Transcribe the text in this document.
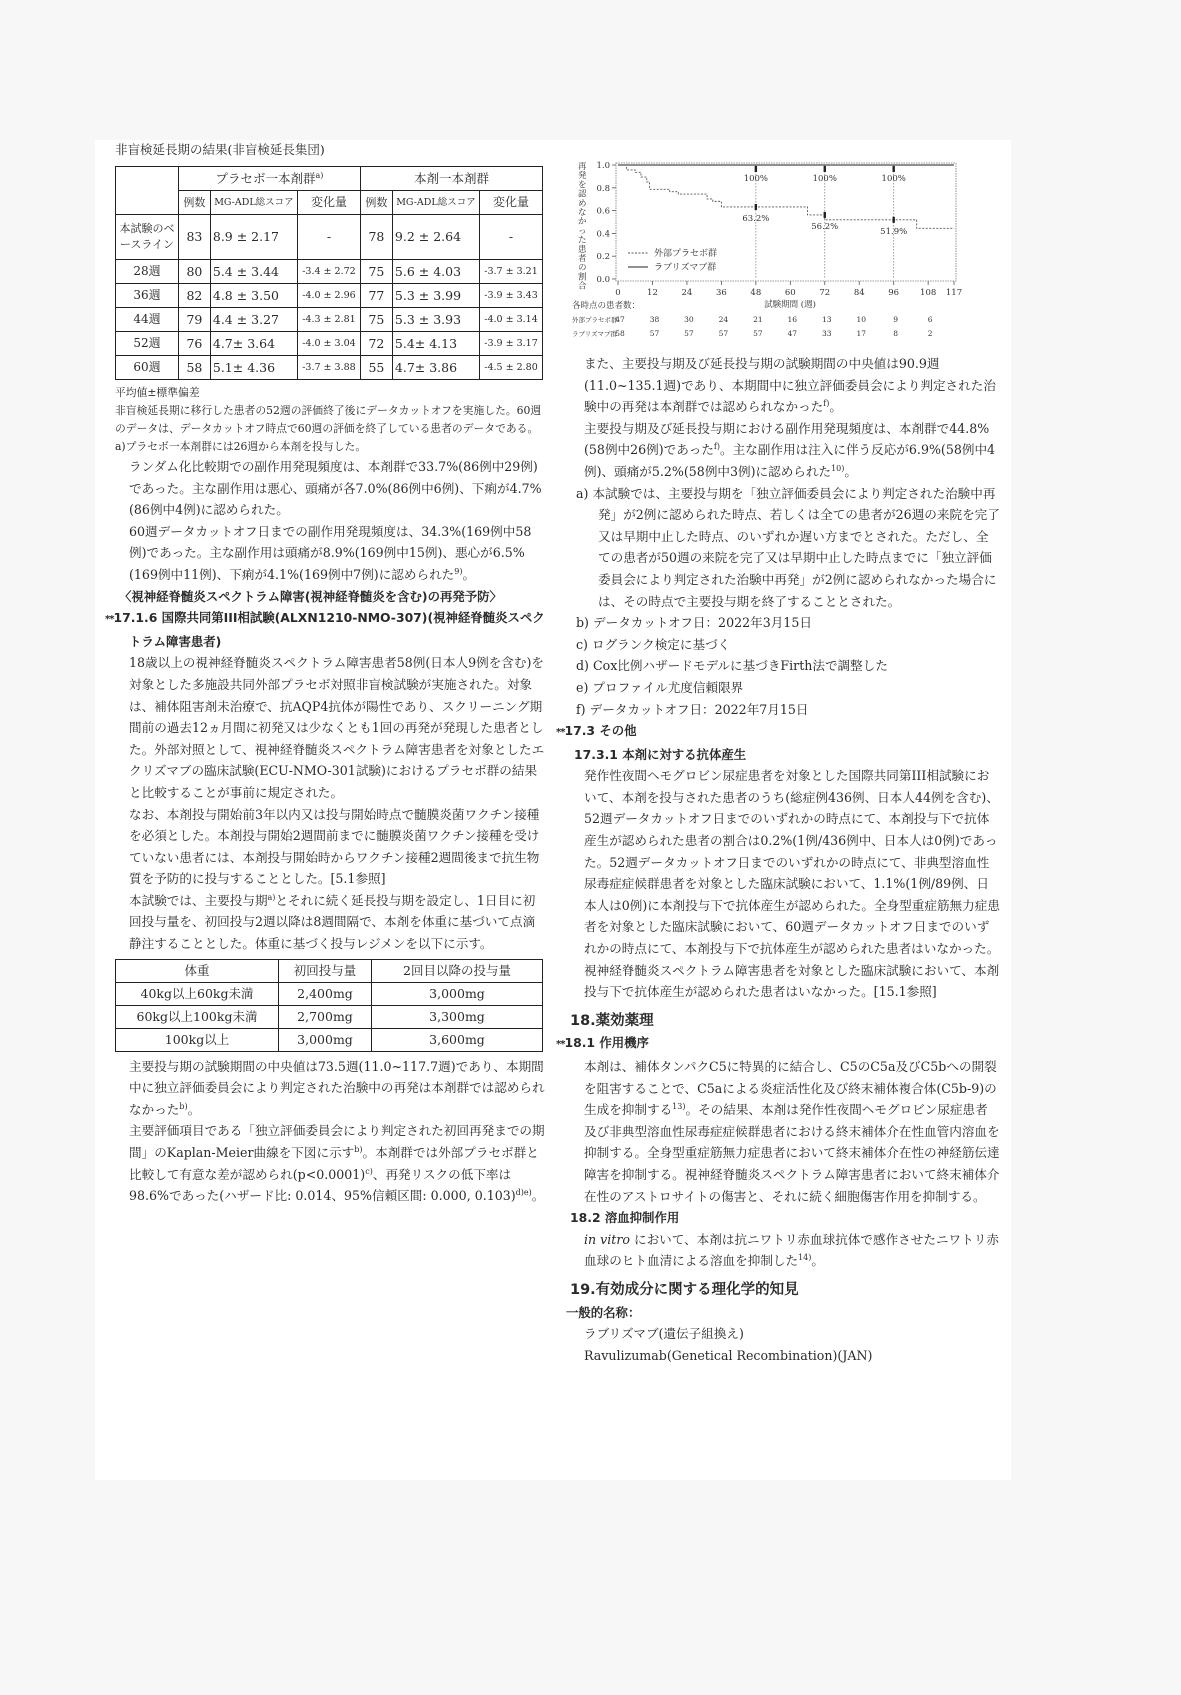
非盲検延長期の結果(非盲検延長集団)

	プラセボ一本剤群$^{a)}$			本剤一本剤群		
	例数	MG-ADL総スコア	変化量	例数	MG-ADL総スコア	変化量
本試験のベースライン	83	8.9 ± 2.17	-	78	9.2 ± 2.64	-
28週	80	5.4 ± 3.44	-3.4 ± 2.72	75	5.6 ± 4.03	-3.7 ± 3.21
36週	82	4.8 ± 3.50	-4.0 ± 2.96	77	5.3 ± 3.99	-3.9 ± 3.43
44週	79	4.4 ± 3.27	-4.3 ± 2.81	75	5.3 ± 3.93	-4.0 ± 3.14
52週	76	4.7± 3.64	-4.0 ± 3.04	72	5.4± 4.13	-3.9 ± 3.17
60週	58	5.1± 4.36	-3.7 ± 3.88	55	4.7± 3.86	-4.5 ± 2.80

平均値±標準偏差

非盲検延長期に移行した患者の52週の評価終了後にデータカットオフを実施した。60週のデータは、データカットオフ時点で60週の評価を終了している患者のデータである。

a)プラセボ一本剤群には26週から本剤を投与した。

ランダム化比較期での副作用発現頻度は、本剤群で33.7%(86例中29例)であった。主な副作用は悪心、頭痛が各7.0%(86例中6例)、下痢が4.7%(86例中4例)に認められた。

60週データカットオフ日までの副作用発現頻度は、34.3%(169例中58例)であった。主な副作用は頭痛が8.9%(169例中15例)、悪心が6.5%(169例中11例)、下痢が4.1%(169例中7例)に認められた$^{9)}$。

〈視神経脊髄炎スペクトラム障害(視神経脊髄炎を含む)の再発予防〉

**17.1.6 国際共同第III相試験(ALXN1210-NMO-307)(視神経脊髄炎スペクトラム障害患者)

18歳以上の視神経脊髄炎スペクトラム障害患者58例(日本人9例を含む)を対象とした多施設共同外部プラセボ対照非盲検試験が実施された。対象は、補体阻害剤未治療で、抗AQP4抗体が陽性であり、スクリーニング期間前の過去12ヵ月間に初発又は少なくとも1回の再発が発現した患者とした。外部対照として、視神経脊髄炎スペクトラム障害患者を対象としたエクリズマブの臨床試験(ECU-NMO-301試験)におけるプラセボ群の結果と比較することが事前に規定された。

なお、本剤投与開始前3年以内又は投与開始時点で髄膜炎菌ワクチン接種を必須とした。本剤投与開始2週間前までに髄膜炎菌ワクチン接種を受けていない患者には、本剤投与開始時からワクチン接種2週間後まで抗生物質を予防的に投与することとした。[5.1参照]

本試験では、主要投与期$^{a)}$とそれに続く延長投与期を設定し、1日目に初回投与量を、初回投与2週以降は8週間隔で、本剤を体重に基づいて点滴静注することとした。体重に基づく投与レジメンを以下に示す。

体重	初回投与量	2回目以降の投与量
40kg以上60kg未満	2,400mg	3,000mg
60kg以上100kg未満	2,700mg	3,300mg
100kg以上	3,000mg	3,600mg

主要投与期の試験期間の中央値は73.5週(11.0~117.7週)であり、本期間中に独立評価委員会により判定された治験中の再発は本剤群では認められなかった$^{b)}$。

主要評価項目である「独立評価委員会により判定された初回再発までの期間」のKaplan-Meier曲線を下図に示す$^{b)}$。本剤群では外部プラセボ群と比較して有意な差が認められ(p<0.0001)$^{c)}$、再発リスクの低下率は98.6%であった(ハザード比: 0.014、95%信頼区間: 0.000, 0.103)$^{d)e)}$。

再発を認めなかった患者の割合
0.0
0.2
0.4
0.6
0.8
1.0
0	12	24	36	48	60	72	84	96 108 117
100%
63.2%
100%
56.2%
100%
51.9%
外部プラセボ群
ラブリズマブ群
試験期間 (週)
各時点の患者数：
外部プラセボ群
ラブリズマブ群
47	38	30	24	21	16	13	10	9	6
58	57	57	57	57	47	33	17	8	2

また、主要投与期及び延長投与期の試験期間の中央値は90.9週(11.0~135.1週)であり、本期間中に独立評価委員会により判定された治験中の再発は本剤群では認められなかった$^{f)}$。

主要投与期及び延長投与期における副作用発現頻度は、本剤群で44.8%(58例中26例)であった$^{f)}$。主な副作用は注入に伴う反応が6.9%(58例中4例)、頭痛が5.2%(58例中3例)に認められた$^{10)}$。

a) 本試験では、主要投与期を「独立評価委員会により判定された治験中再発」が2例に認められた時点、若しくは全ての患者が26週の来院を完了又は早期中止した時点、のいずれか遅い方までとされた。ただし、全ての患者が50週の来院を完了又は早期中止した時点までに「独立評価委員会により判定された治験中再発」が2例に認められなかった場合には、その時点で主要投与期を終了することとされた。

b) データカットオフ日：2022年3月15日

c) ログランク検定に基づく

d) Cox比例ハザードモデルに基づきFirth法で調整した

e) プロファイル尤度信頼限界

f) データカットオフ日：2022年7月15日

**17.3 その他

17.3.1 本剤に対する抗体産生

発作性夜間ヘモグロビン尿症患者を対象とした国際共同第III相試験において、本剤を投与された患者のうち(総症例436例、日本人44例を含む)、52週データカットオフ日までのいずれかの時点にて、本剤投与下で抗体産生が認められた患者の割合は0.2%(1例/436例中、日本人は0例)であった。52週データカットオフ日までのいずれかの時点にて、非典型溶血性尿毒症症候群患者を対象とした臨床試験において、1.1%(1例/89例、日本人は0例)に本剤投与下で抗体産生が認められた。全身型重症筋無力症患者を対象とした臨床試験において、60週データカットオフ日までのいずれかの時点にて、本剤投与下で抗体産生が認められた患者はいなかった。視神経脊髄炎スペクトラム障害患者を対象とした臨床試験において、本剤投与下で抗体産生が認められた患者はいなかった。[15.1参照]

18.薬効薬理

**18.1 作用機序

本剤は、補体タンパクC5に特異的に結合し、C5のC5a及びC5bへの開裂を阻害することで、C5aによる炎症活性化及び終末補体複合体(C5b-9)の生成を抑制する$^{13)}$。その結果、本剤は発作性夜間ヘモグロビン尿症患者及び非典型溶血性尿毒症症候群患者における終末補体介在性血管内溶血を抑制する。全身型重症筋無力症患者において終末補体介在性の神経筋伝達障害を抑制する。視神経脊髄炎スペクトラム障害患者において終末補体介在性のアストロサイトの傷害と、それに続く細胞傷害作用を抑制する。

18.2 溶血抑制作用

in vitro において、本剤は抗ニワトリ赤血球抗体で感作させたニワトリ赤血球のヒト血清による溶血を抑制した$^{14)}$。

19.有効成分に関する理化学的知見

一般的名称：

ラブリズマブ(遺伝子組換え)

Ravulizumab(Genetical Recombination)(JAN)
